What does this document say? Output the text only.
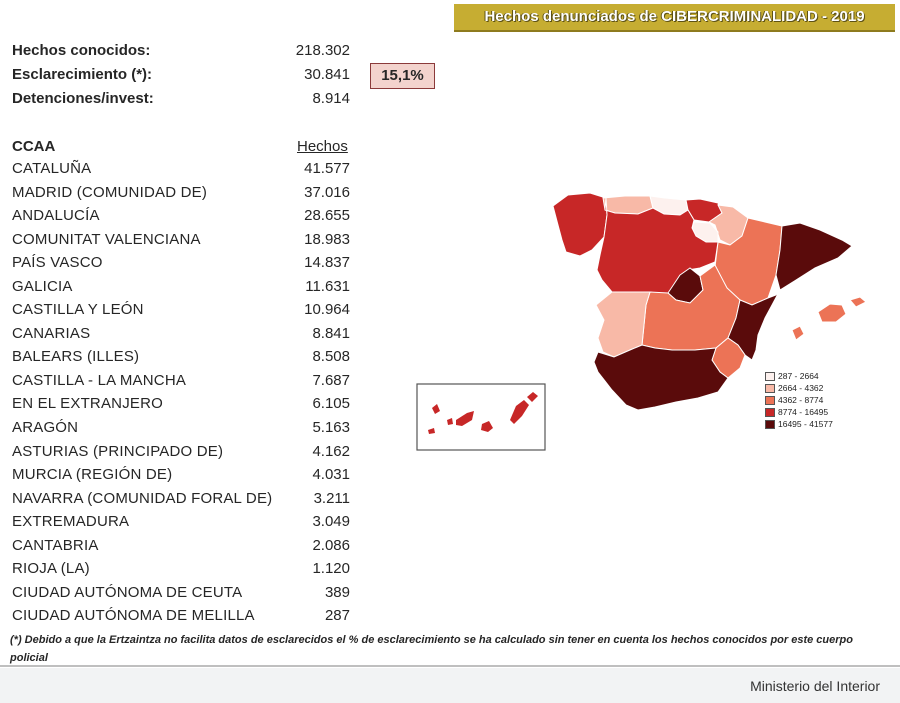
Hechos denunciados de CIBERCRIMINALIDAD - 2019
Hechos conocidos:	218.302
Esclarecimiento (*):	30.841	15,1%
Detenciones/invest:	8.914
CCAA	Hechos
CATALUÑA	41.577
MADRID (COMUNIDAD DE)	37.016
ANDALUCÍA	28.655
COMUNITAT VALENCIANA	18.983
PAÍS VASCO	14.837
GALICIA	11.631
CASTILLA Y LEÓN	10.964
CANARIAS	8.841
BALEARS (ILLES)	8.508
CASTILLA - LA MANCHA	7.687
EN EL EXTRANJERO	6.105
ARAGÓN	5.163
ASTURIAS (PRINCIPADO DE)	4.162
MURCIA (REGIÓN DE)	4.031
NAVARRA (COMUNIDAD FORAL DE)	3.211
EXTREMADURA	3.049
CANTABRIA	2.086
RIOJA (LA)	1.120
CIUDAD AUTÓNOMA DE CEUTA	389
CIUDAD AUTÓNOMA DE MELILLA	287
287 - 2664
2664 - 4362
4362 - 8774
8774 - 16495
16495 - 41577
(*) Debido a que la Ertzaintza no facilita datos de esclarecidos el % de esclarecimiento se ha calculado sin tener en cuenta los hechos conocidos por este cuerpo policial
Ministerio del Interior
